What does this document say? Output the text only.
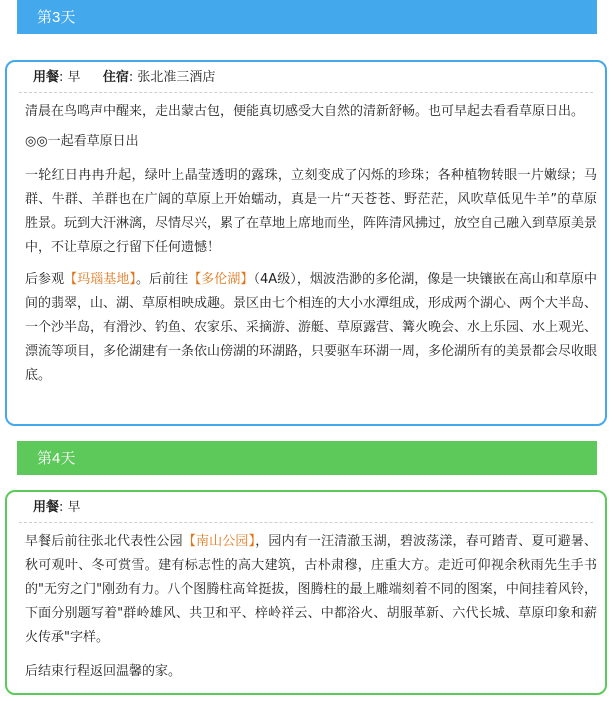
第3天
用餐: 早 住宿: 张北准三酒店

清晨在鸟鸣声中醒来，走出蒙古包，便能真切感受大自然的清新舒畅。也可早起去看看草原日出。

◎◎一起看草原日出

一轮红日冉冉升起，绿叶上晶莹透明的露珠，立刻变成了闪烁的珍珠；各种植物转眼一片嫩绿；马群、牛群、羊群也在广阔的草原上开始蠕动，真是一片“天苍苍、野茫茫，风吹草低见牛羊”的草原胜景。玩到大汗淋漓，尽情尽兴，累了在草地上席地而坐，阵阵清风拂过，放空自己融入到草原美景中，不让草原之行留下任何遗憾！

后参观【玛瑙基地】。后前往【多伦湖】（4A级），烟波浩渺的多伦湖，像是一块镶嵌在高山和草原中间的翡翠，山、湖、草原相映成趣。景区由七个相连的大小水潭组成，形成两个湖心、两个大半岛、一个沙半岛，有滑沙、钓鱼、农家乐、采摘游、游艇、草原露营、篝火晚会、水上乐园、水上观光、漂流等项目，多伦湖建有一条依山傍湖的环湖路，只要驱车环湖一周，多伦湖所有的美景都会尽收眼底。

第4天
用餐: 早

早餐后前往张北代表性公园【南山公园】，园内有一汪清澈玉湖，碧波荡漾，春可踏青、夏可避暑、秋可观叶、冬可赏雪。建有标志性的高大建筑，古朴肃穆，庄重大方。走近可仰视余秋雨先生手书的"无穷之门"刚劲有力。八个图腾柱高耸挺拔，图腾柱的最上雕端刻着不同的图案，中间挂着风铃，下面分别题写着"群岭雄风、共卫和平、梓岭祥云、中都浴火、胡服革新、六代长城、草原印象和薪火传承"字样。

后结束行程返回温馨的家。
